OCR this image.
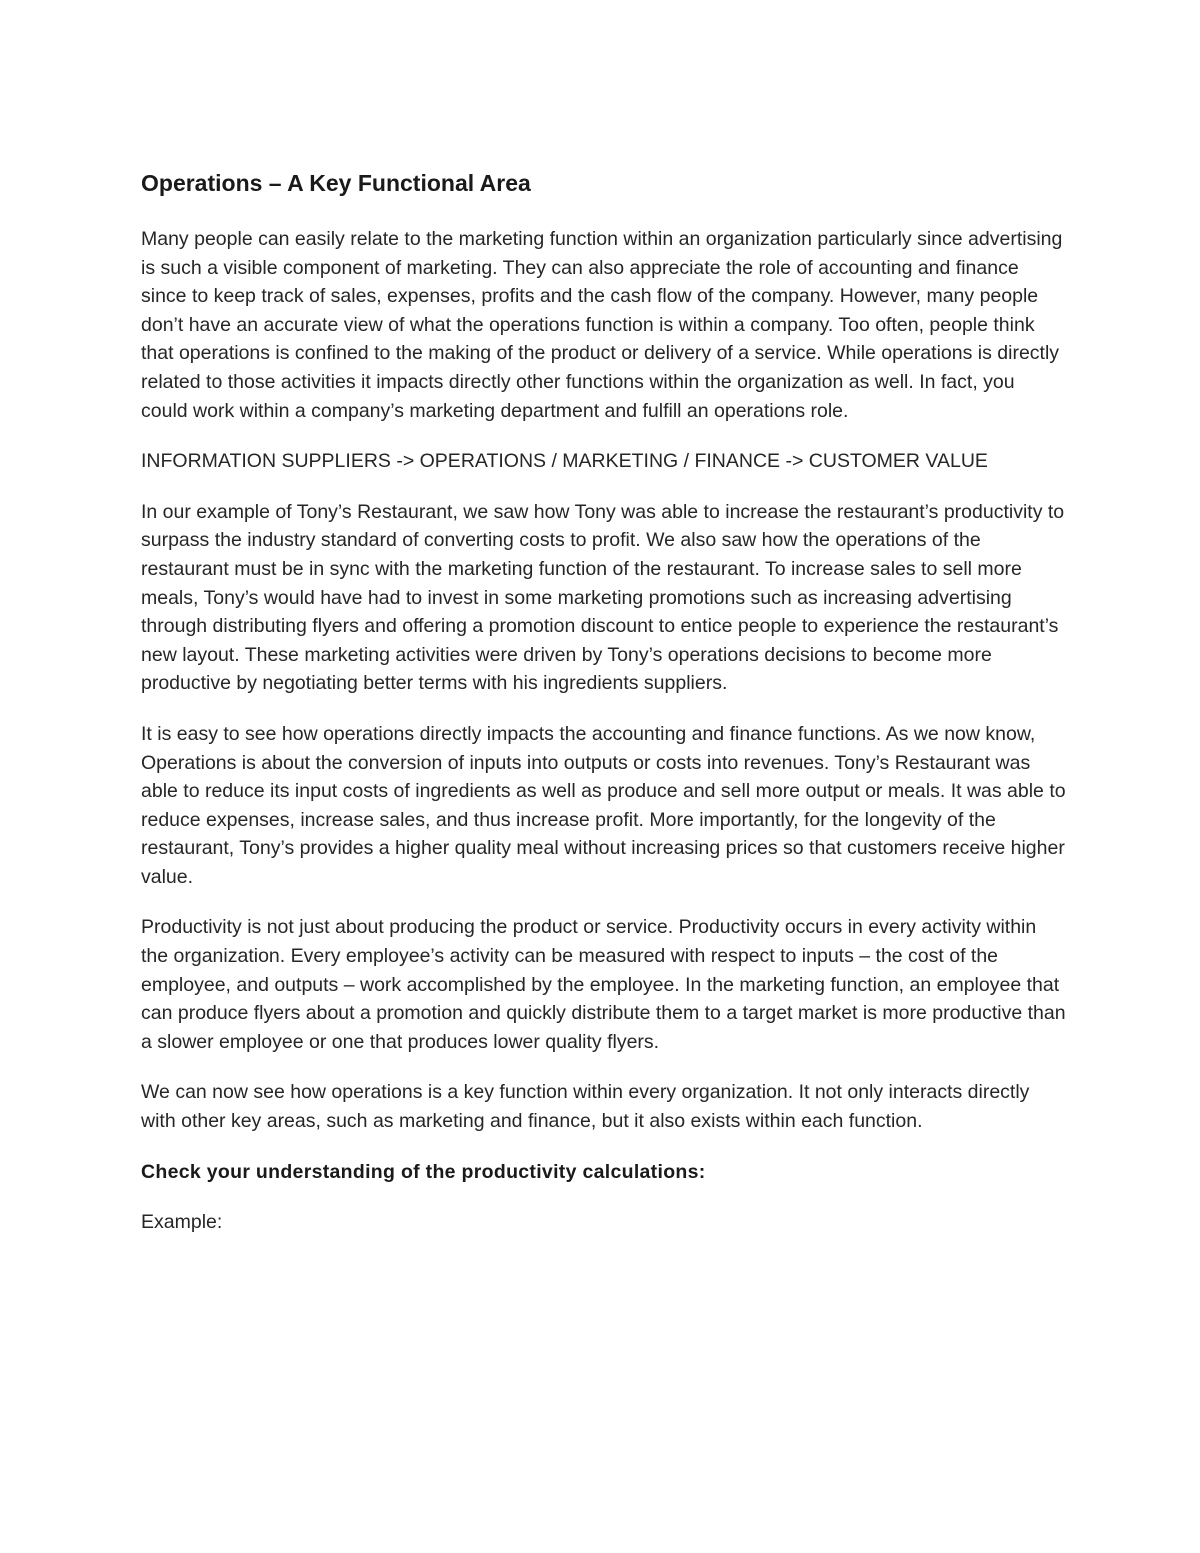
Operations – A Key Functional Area

Many people can easily relate to the marketing function within an organization particularly since advertising is such a visible component of marketing. They can also appreciate the role of accounting and finance since to keep track of sales, expenses, profits and the cash flow of the company. However, many people don’t have an accurate view of what the operations function is within a company. Too often, people think that operations is confined to the making of the product or delivery of a service. While operations is directly related to those activities it impacts directly other functions within the organization as well. In fact, you could work within a company’s marketing department and fulfill an operations role.

INFORMATION SUPPLIERS -> OPERATIONS / MARKETING / FINANCE -> CUSTOMER VALUE

In our example of Tony’s Restaurant, we saw how Tony was able to increase the restaurant’s productivity to surpass the industry standard of converting costs to profit. We also saw how the operations of the restaurant must be in sync with the marketing function of the restaurant. To increase sales to sell more meals, Tony’s would have had to invest in some marketing promotions such as increasing advertising through distributing flyers and offering a promotion discount to entice people to experience the restaurant’s new layout. These marketing activities were driven by Tony’s operations decisions to become more productive by negotiating better terms with his ingredients suppliers.

It is easy to see how operations directly impacts the accounting and finance functions. As we now know, Operations is about the conversion of inputs into outputs or costs into revenues. Tony’s Restaurant was able to reduce its input costs of ingredients as well as produce and sell more output or meals. It was able to reduce expenses, increase sales, and thus increase profit. More importantly, for the longevity of the restaurant, Tony’s provides a higher quality meal without increasing prices so that customers receive higher value.

Productivity is not just about producing the product or service. Productivity occurs in every activity within the organization. Every employee’s activity can be measured with respect to inputs – the cost of the employee, and outputs – work accomplished by the employee. In the marketing function, an employee that can produce flyers about a promotion and quickly distribute them to a target market is more productive than a slower employee or one that produces lower quality flyers.

We can now see how operations is a key function within every organization. It not only interacts directly with other key areas, such as marketing and finance, but it also exists within each function.

Check your understanding of the productivity calculations:

Example:
